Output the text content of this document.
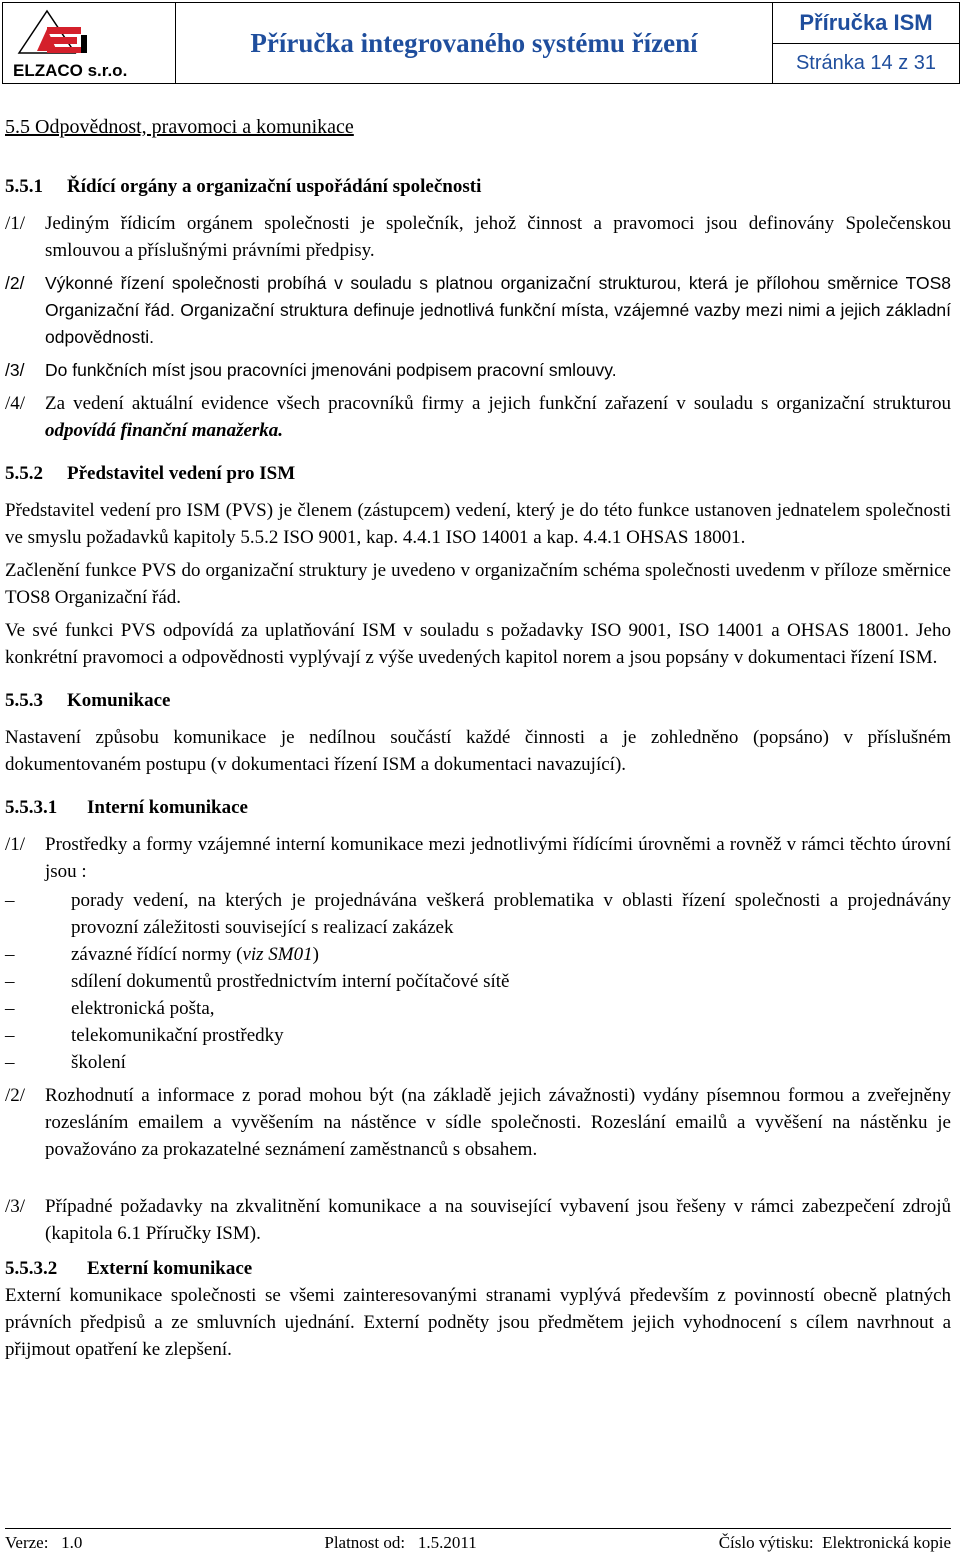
ELZACO s.r.o.
Příručka integrovaného systému řízení
Příručka ISM
Stránka 14 z 31
5.5 Odpovědnost, pravomoci a komunikace
5.5.1 Řídící orgány a organizační uspořádání společnosti
/1/	Jediným řídicím orgánem společnosti je společník, jehož činnost a pravomoci jsou definovány Společenskou smlouvou a příslušnými právními předpisy.
/2/	Výkonné řízení společnosti probíhá v souladu s platnou organizační strukturou, která je přílohou směrnice TOS8 Organizační řád. Organizační struktura definuje jednotlivá funkční místa, vzájemné vazby mezi nimi a jejich základní odpovědnosti.
/3/	Do funkčních míst jsou pracovníci jmenováni podpisem pracovní smlouvy.
/4/	Za vedení aktuální evidence všech pracovníků firmy a jejich funkční zařazení v souladu s organizační strukturou odpovídá finanční manažerka.
5.5.2 Představitel vedení pro ISM
Představitel vedení pro ISM (PVS) je členem (zástupcem) vedení, který je do této funkce ustanoven jednatelem společnosti ve smyslu požadavků kapitoly 5.5.2 ISO 9001, kap. 4.4.1 ISO 14001 a kap. 4.4.1 OHSAS 18001.
Začlenění funkce PVS do organizační struktury je uvedeno v organizačním schéma společnosti uvedenm v příloze směrnice TOS8 Organizační řád.
Ve své funkci PVS odpovídá za uplatňování ISM v souladu s požadavky ISO 9001, ISO 14001 a OHSAS 18001. Jeho konkrétní pravomoci a odpovědnosti vyplývají z výše uvedených kapitol norem a jsou popsány v dokumentaci řízení ISM.
5.5.3 Komunikace
Nastavení způsobu komunikace je nedílnou součástí každé činnosti a je zohledněno (popsáno) v příslušném dokumentovaném postupu (v dokumentaci řízení ISM a dokumentaci navazující).
5.5.3.1 Interní komunikace
/1/	Prostředky a formy vzájemné interní komunikace mezi jednotlivými řídícími úrovněmi a rovněž v rámci těchto úrovní jsou :
–	porady vedení, na kterých je projednávána veškerá problematika v oblasti řízení společnosti a projednávány provozní záležitosti související s realizací zakázek
–	závazné řídící normy (viz SM01)
–	sdílení dokumentů prostřednictvím interní počítačové sítě
–	elektronická pošta,
–	telekomunikační prostředky
–	školení
/2/	Rozhodnutí a informace z porad mohou být (na základě jejich závažnosti) vydány písemnou formou a zveřejněny rozesláním emailem a vyvěšením na nástěnce v sídle společnosti. Rozeslání emailů a vyvěšení na nástěnku je považováno za prokazatelné seznámení zaměstnanců s obsahem.
/3/	Případné požadavky na zkvalitnění komunikace a na související vybavení jsou řešeny v rámci zabezpečení zdrojů (kapitola 6.1 Příručky ISM).
5.5.3.2 Externí komunikace
Externí komunikace společnosti se všemi zainteresovanými stranami vyplývá především z povinností obecně platných právních předpisů a ze smluvních ujednání. Externí podněty jsou předmětem jejich vyhodnocení s cílem navrhnout a přijmout opatření ke zlepšení.
Verze:   1.0	Platnost od:   1.5.2011	Číslo výtisku:  Elektronická kopie
